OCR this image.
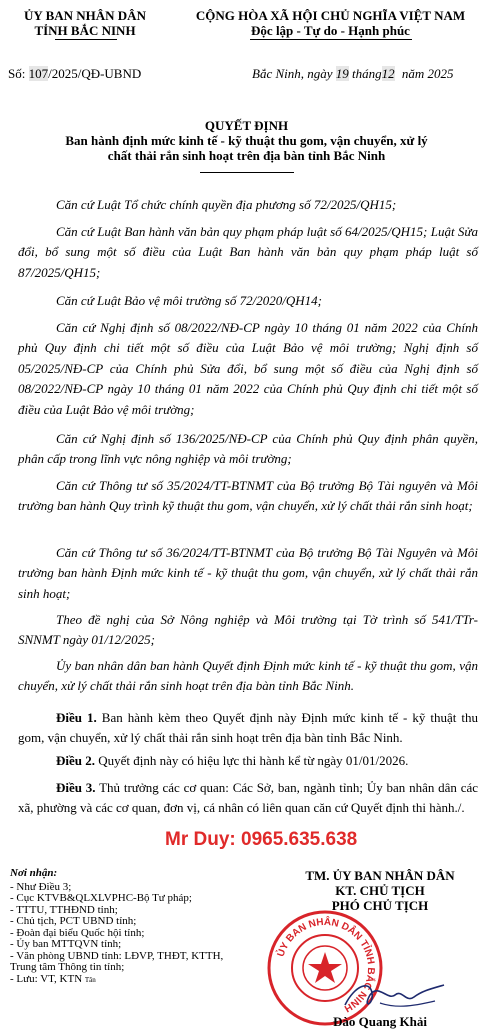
ỦY BAN NHÂN DÂN
TỈNH BẮC NINH
CỘNG HÒA XÃ HỘI CHỦ NGHĨA VIỆT NAM
Độc lập - Tự do - Hạnh phúc
Số: 107/2025/QĐ-UBND	Bắc Ninh, ngày 19 tháng12 năm 2025
QUYẾT ĐỊNH
Ban hành định mức kinh tế - kỹ thuật thu gom, vận chuyển, xử lý
chất thải rắn sinh hoạt trên địa bàn tỉnh Bắc Ninh
Căn cứ Luật Tổ chức chính quyền địa phương số 72/2025/QH15;
Căn cứ Luật Ban hành văn bản quy phạm pháp luật số 64/2025/QH15; Luật Sửa đổi, bổ sung một số điều của Luật Ban hành văn bản quy phạm pháp luật số 87/2025/QH15;
Căn cứ Luật Bảo vệ môi trường số 72/2020/QH14;
Căn cứ Nghị định số 08/2022/NĐ-CP ngày 10 tháng 01 năm 2022 của Chính phủ Quy định chi tiết một số điều của Luật Bảo vệ môi trường; Nghị định số 05/2025/NĐ-CP của Chính phủ Sửa đổi, bổ sung một số điều của Nghị định số 08/2022/NĐ-CP ngày 10 tháng 01 năm 2022 của Chính phủ Quy định chi tiết một số điều của Luật Bảo vệ môi trường;
Căn cứ Nghị định số 136/2025/NĐ-CP của Chính phủ Quy định phân quyền, phân cấp trong lĩnh vực nông nghiệp và môi trường;
Căn cứ Thông tư số 35/2024/TT-BTNMT của Bộ trưởng Bộ Tài nguyên và Môi trường ban hành Quy trình kỹ thuật thu gom, vận chuyển, xử lý chất thải rắn sinh hoạt;
Căn cứ Thông tư số 36/2024/TT-BTNMT của Bộ trưởng Bộ Tài Nguyên và Môi trường ban hành Định mức kinh tế - kỹ thuật thu gom, vận chuyển, xử lý chất thải rắn sinh hoạt;
Theo đề nghị của Sở Nông nghiệp và Môi trường tại Tờ trình số 541/TTr-SNNMT ngày 01/12/2025;
Ủy ban nhân dân ban hành Quyết định Định mức kinh tế - kỹ thuật thu gom, vận chuyển, xử lý chất thải rắn sinh hoạt trên địa bàn tỉnh Bắc Ninh.
Điều 1. Ban hành kèm theo Quyết định này Định mức kinh tế - kỹ thuật thu gom, vận chuyển, xử lý chất thải rắn sinh hoạt trên địa bàn tỉnh Bắc Ninh.
Điều 2. Quyết định này có hiệu lực thi hành kể từ ngày 01/01/2026.
Điều 3. Thủ trưởng các cơ quan: Các Sở, ban, ngành tỉnh; Ủy ban nhân dân các xã, phường và các cơ quan, đơn vị, cá nhân có liên quan căn cứ Quyết định thi hành./.
Mr Duy: 0965.635.638
Nơi nhận:
- Như Điều 3;
- Cục KTVB&QLXLVPHC-Bộ Tư pháp;
- TTTU, TTHĐND tỉnh;
- Chủ tịch, PCT UBND tỉnh;
- Đoàn đại biểu Quốc hội tỉnh;
- Ủy ban MTTQVN tỉnh;
- Văn phòng UBND tỉnh: LĐVP, THĐT, KTTH,
Trung tâm Thông tin tỉnh;
- Lưu: VT, KTN Tân
TM. ỦY BAN NHÂN DÂN
KT. CHỦ TỊCH
PHÓ CHỦ TỊCH
ỦY BAN NHÂN DÂN TỈNH BẮC NINH
Đào Quang Khải
